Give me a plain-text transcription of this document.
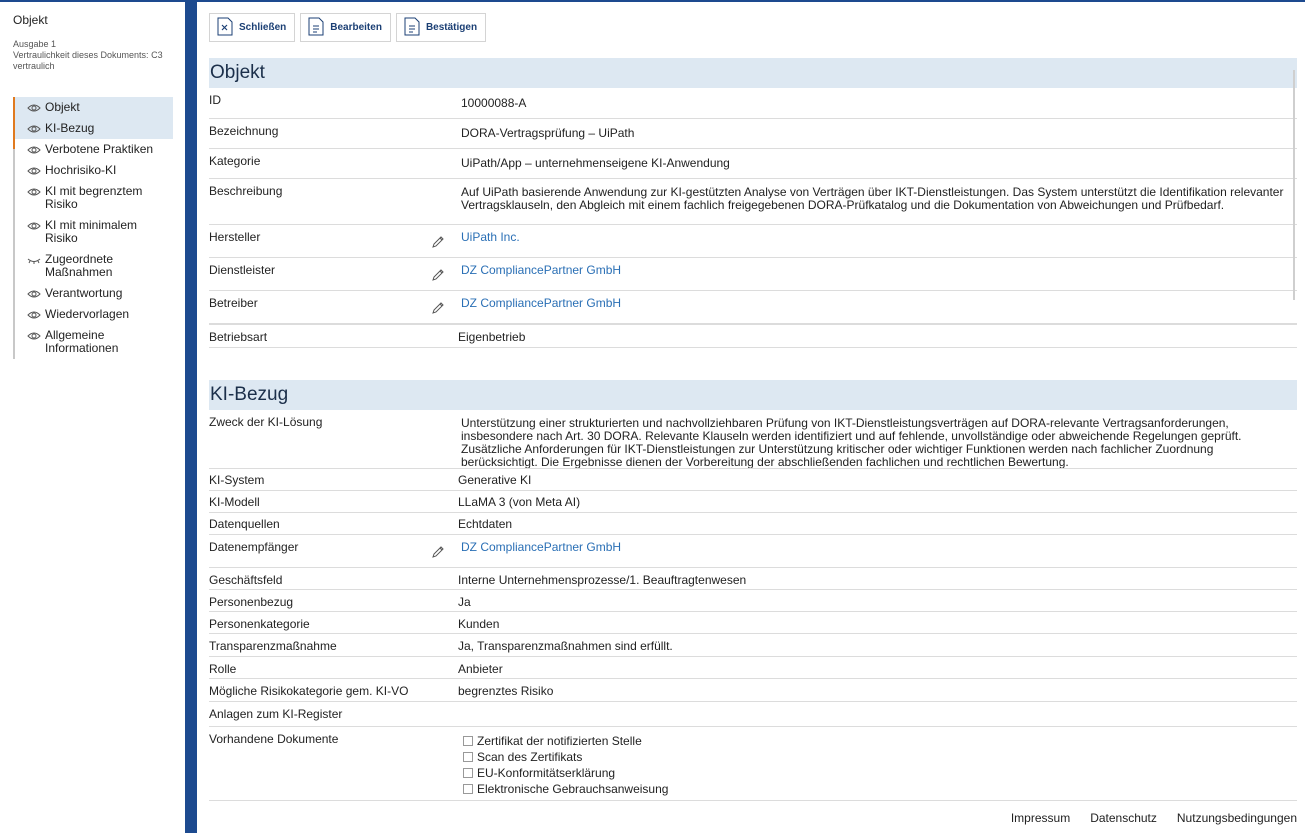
Objekt
Ausgabe 1
Vertraulichkeit dieses Dokuments: C3 vertraulich
Objekt
KI-Bezug
Verbotene Praktiken
Hochrisiko-KI
KI mit begrenztem Risiko
KI mit minimalem Risiko
Zugeordnete Maßnahmen
Verantwortung
Wiedervorlagen
Allgemeine Informationen
Schließen	Bearbeiten	Bestätigen
Objekt
ID	10000088-A
Bezeichnung	DORA-Vertragsprüfung – UiPath
Kategorie	UiPath/App – unternehmenseigene KI-Anwendung
Beschreibung	Auf UiPath basierende Anwendung zur KI-gestützten Analyse von Verträgen über IKT-Dienstleistungen. Das System unterstützt die Identifikation relevanter Vertragsklauseln, den Abgleich mit einem fachlich freigegebenen DORA-Prüfkatalog und die Dokumentation von Abweichungen und Prüfbedarf.
Hersteller	UiPath Inc.
Dienstleister	DZ CompliancePartner GmbH
Betreiber	DZ CompliancePartner GmbH
Betriebsart	Eigenbetrieb
KI-Bezug
Zweck der KI-Lösung	Unterstützung einer strukturierten und nachvollziehbaren Prüfung von IKT-Dienstleistungsverträgen auf DORA-relevante Vertragsanforderungen, insbesondere nach Art. 30 DORA. Relevante Klauseln werden identifiziert und auf fehlende, unvollständige oder abweichende Regelungen geprüft. Zusätzliche Anforderungen für IKT-Dienstleistungen zur Unterstützung kritischer oder wichtiger Funktionen werden nach fachlicher Zuordnung berücksichtigt. Die Ergebnisse dienen der Vorbereitung der abschließenden fachlichen und rechtlichen Bewertung.
KI-System	Generative KI
KI-Modell	LLaMA 3 (von Meta AI)
Datenquellen	Echtdaten
Datenempfänger	DZ CompliancePartner GmbH
Geschäftsfeld	Interne Unternehmensprozesse/1. Beauftragtenwesen
Personenbezug	Ja
Personenkategorie	Kunden
Transparenzmaßnahme	Ja, Transparenzmaßnahmen sind erfüllt.
Rolle	Anbieter
Mögliche Risikokategorie gem. KI-VO	begrenztes Risiko
Anlagen zum KI-Register
Vorhandene Dokumente	Zertifikat der notifizierten Stelle
Scan des Zertifikats
EU-Konformitätserklärung
Elektronische Gebrauchsanweisung
Impressum Datenschutz Nutzungsbedingungen
